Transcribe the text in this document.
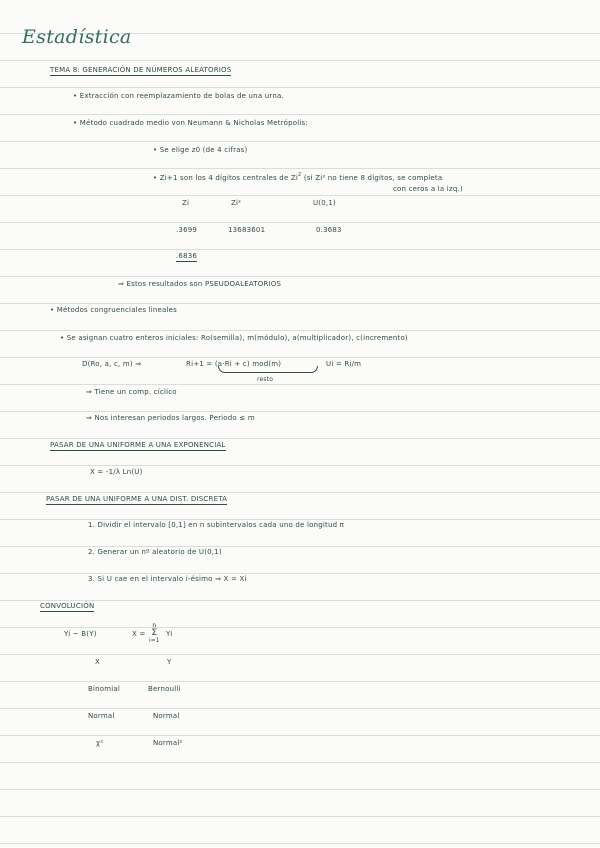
Estadística
TEMA 8: GENERACIÓN DE NÚMEROS ALEATORIOS
• Extracción con reemplazamiento de bolas de una urna.
• Método cuadrado medio von Neumann & Nicholas Metrópolis:
• Se elige z0 (de 4 cifras)
• Zi+1 son los 4 dígitos centrales de Zi$^2$ (si Zi² no tiene 8 dígitos, se completa
con ceros a la izq.)
Zi	Zi²	U(0,1)
.3699	13683601	0.3683
.6836
⇒ Estos resultados son PSEUDOALEATORIOS
• Métodos congruenciales lineales
• Se asignan cuatro enteros iniciales: Ro(semilla), m(módulo), a(multiplicador), c(incremento)
D(Ro, a, c, m) ⇒	Ri+1 = (a·Ri + c) mod(m)	Ui = Ri/m
resto
⇒ Tiene un comp. cíclico
⇒ Nos interesan periodos largos. Periodo ≤ m
PASAR DE UNA UNIFORME A UNA EXPONENCIAL
X = -1/λ Ln(U)
PASAR DE UNA UNIFORME A UNA DIST. DISCRETA
1. Dividir el intervalo [0,1] en n subintervalos cada uno de longitud π
2. Generar un nº aleatorio de U(0,1)
3. Si U cae en el intervalo i-ésimo ⇒ X = Xi
CONVOLUCIÓN
Yi ~ B(Y)	X =
n
Σ
i=1
Yi
X	Y
Binomial	Bernoulli
Normal	Normal
χ²	Normal²
